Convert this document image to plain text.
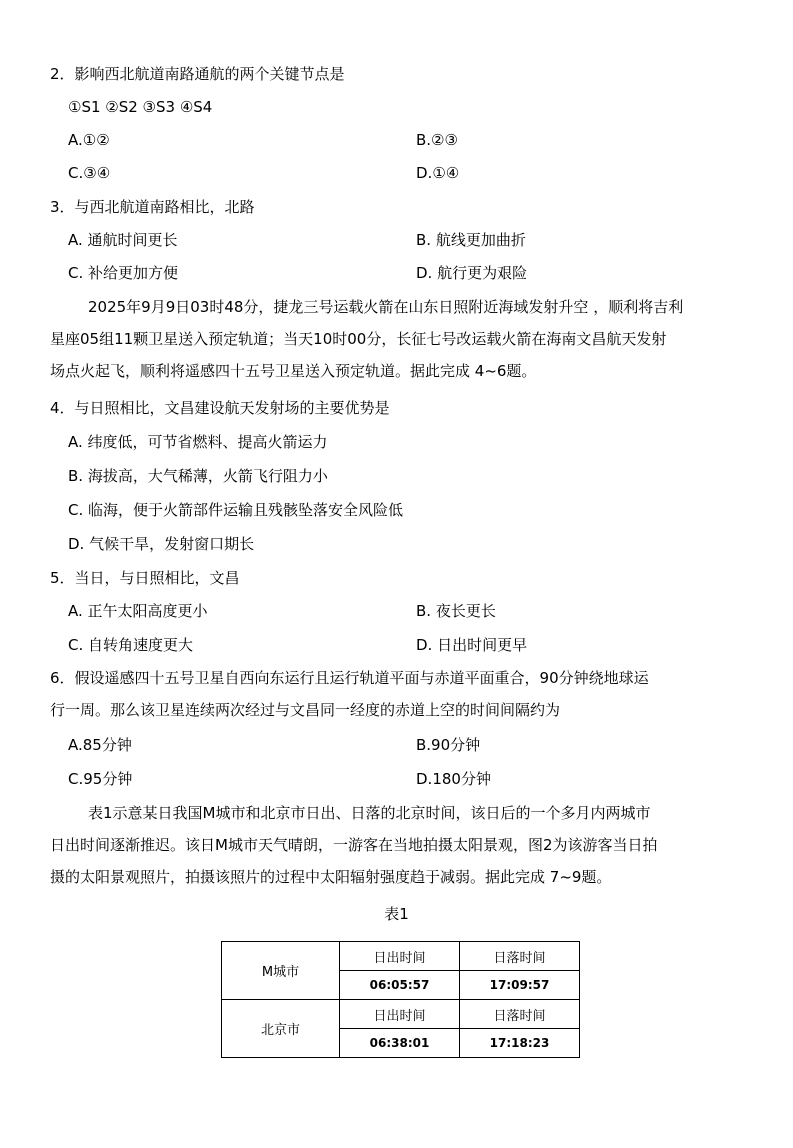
2．影响西北航道南路通航的两个关键节点是
①S1 ②S2 ③S3 ④S4
A.①②	B.②③
C.③④	D.①④
3．与西北航道南路相比，北路
A. 通航时间更长	B. 航线更加曲折
C. 补给更加方便	D. 航行更为艰险
2025年9月9日03时48分，捷龙三号运载火箭在山东日照附近海域发射升空 ，顺利将吉利
星座05组11颗卫星送入预定轨道；当天10时00分，长征七号改运载火箭在海南文昌航天发射
场点火起飞，顺利将遥感四十五号卫星送入预定轨道。据此完成 4~6题。
4．与日照相比，文昌建设航天发射场的主要优势是
A. 纬度低，可节省燃料、提高火箭运力
B. 海拔高，大气稀薄，火箭飞行阻力小
C. 临海，便于火箭部件运输且残骸坠落安全风险低
D. 气候干旱，发射窗口期长
5．当日，与日照相比，文昌
A. 正午太阳高度更小	B. 夜长更长
C. 自转角速度更大	D. 日出时间更早
6．假设遥感四十五号卫星自西向东运行且运行轨道平面与赤道平面重合，90分钟绕地球运
行一周。那么该卫星连续两次经过与文昌同一经度的赤道上空的时间间隔约为
A.85分钟	B.90分钟
C.95分钟	D.180分钟
表1示意某日我国M城市和北京市日出、日落的北京时间，该日后的一个多月内两城市
日出时间逐渐推迟。该日M城市天气晴朗，一游客在当地拍摄太阳景观，图2为该游客当日拍
摄的太阳景观照片，拍摄该照片的过程中太阳辐射强度趋于减弱。据此完成 7~9题。
表1
M城市	日出时间	日落时间
	06:05:57	17:09:57
北京市	日出时间	日落时间
	06:38:01	17:18:23
